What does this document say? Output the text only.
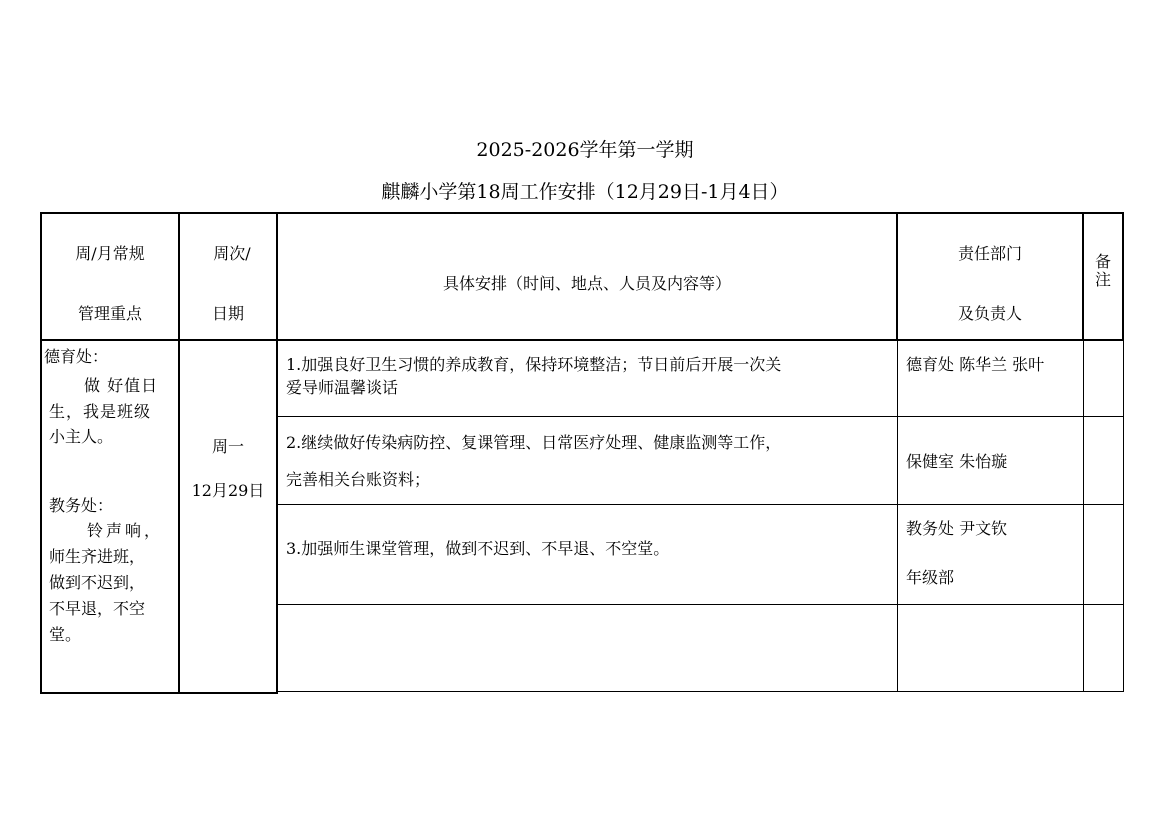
2025-2026学年第一学期
麒麟小学第18周工作安排（12月29日-1月4日）
周/月常规
管理重点
周次/
日期
具体安排（时间、地点、人员及内容等）
责任部门
及负责人
备
注
德育处：
做 好值日
生，我是班级
小主人。
教务处：
铃声响，
师生齐进班，
做到不迟到，
不早退，不空
堂。
周一
12月29日
1.加强良好卫生习惯的养成教育，保持环境整洁；节日前后开展一次关
爱导师温馨谈话
德育处 陈华兰 张叶
2.继续做好传染病防控、复课管理、日常医疗处理、健康监测等工作，
完善相关台账资料；
保健室 朱怡璇
3.加强师生课堂管理，做到不迟到、不早退、不空堂。
教务处 尹文钦
年级部
